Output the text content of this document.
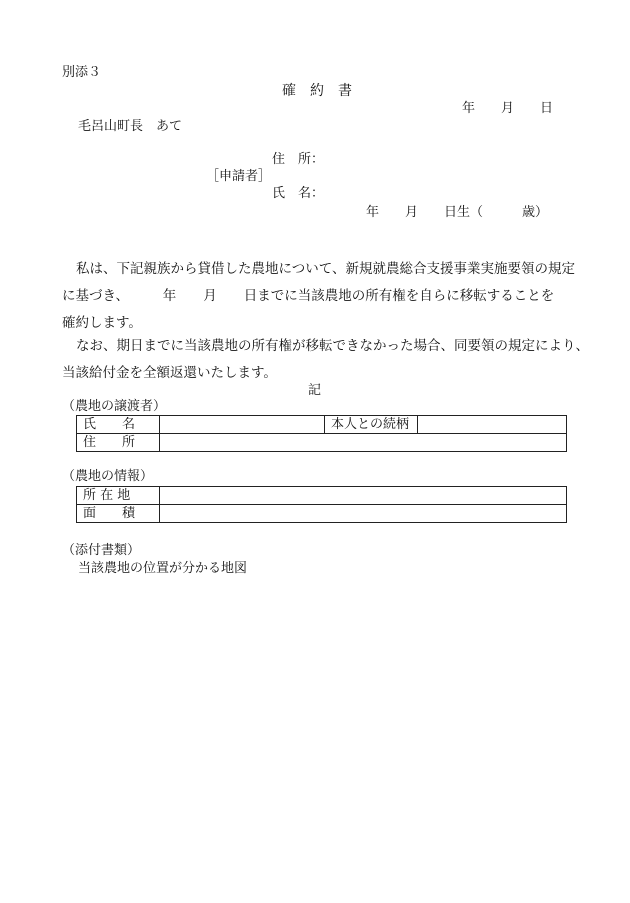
別添３
確　約　書
年　　月　　日
毛呂山町長　あて
住　所：
［申請者］
氏　名：
年　　月　　日生（　　　歳）
私は、下記親族から貸借した農地について、新規就農総合支援事業実施要領の規定
に基づき、　　　年　　月　　日までに当該農地の所有権を自らに移転することを
確約します。
なお、期日までに当該農地の所有権が移転できなかった場合、同要領の規定により、
当該給付金を全額返還いたします。
記
（農地の譲渡者）
氏　　名		本人との続柄	
住　　所			
（農地の情報）
所 在 地	
面　　積	
（添付書類）
当該農地の位置が分かる地図
